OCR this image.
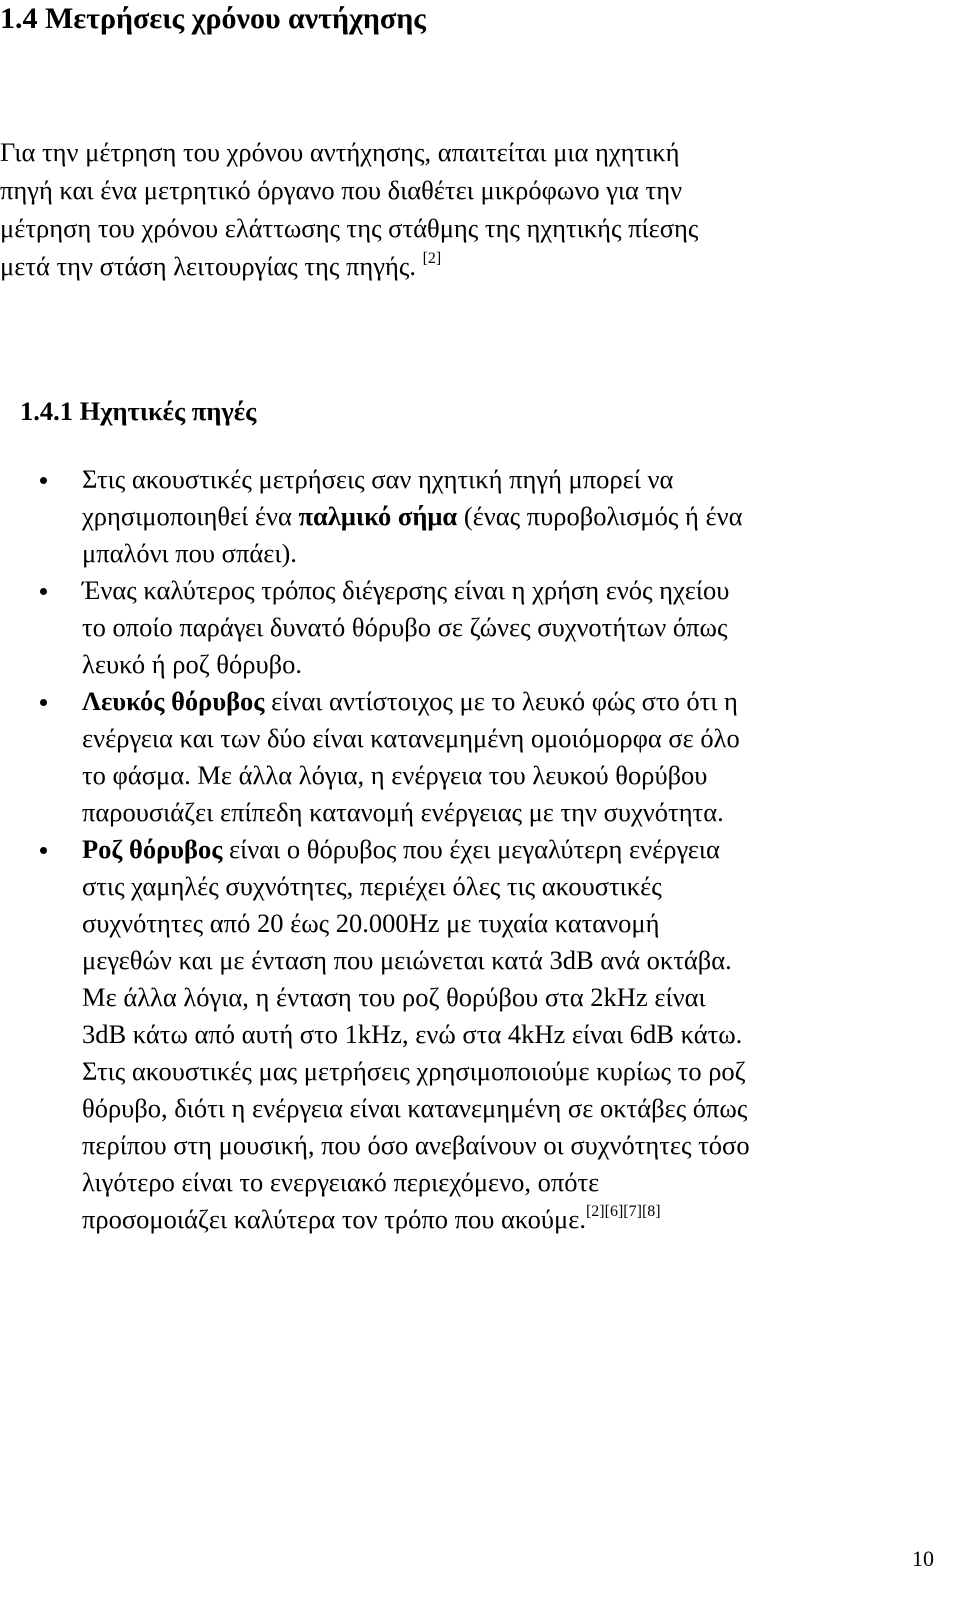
1.4 Μετρήσεις χρόνου αντήχησης

Για την μέτρηση του χρόνου αντήχησης, απαιτείται μια ηχητική
πηγή και ένα μετρητικό όργανο που διαθέτει μικρόφωνο για την
μέτρηση του χρόνου ελάττωσης της στάθμης της ηχητικής πίεσης
μετά την στάση λειτουργίας της πηγής. [2]

1.4.1 Ηχητικές πηγές
Στις ακουστικές μετρήσεις σαν ηχητική πηγή μπορεί να
χρησιμοποιηθεί ένα παλμικό σήμα (ένας πυροβολισμός ή ένα
μπαλόνι που σπάει).
Ένας καλύτερος τρόπος διέγερσης είναι η χρήση ενός ηχείου
το οποίο παράγει δυνατό θόρυβο σε ζώνες συχνοτήτων όπως
λευκό ή ροζ θόρυβο.
Λευκός θόρυβος είναι αντίστοιχος με το λευκό φώς στο ότι η
ενέργεια και των δύο είναι κατανεμημένη ομοιόμορφα σε όλο
το φάσμα. Με άλλα λόγια, η ενέργεια του λευκού θορύβου
παρουσιάζει επίπεδη κατανομή ενέργειας με την συχνότητα.
Ροζ θόρυβος είναι ο θόρυβος που έχει μεγαλύτερη ενέργεια
στις χαμηλές συχνότητες, περιέχει όλες τις ακουστικές
συχνότητες από 20 έως 20.000Hz με τυχαία κατανομή
μεγεθών και με ένταση που μειώνεται κατά 3dB ανά οκτάβα.
Με άλλα λόγια, η ένταση του ροζ θορύβου στα 2kHz είναι
3dB κάτω από αυτή στο 1kHz, ενώ στα 4kHz είναι 6dB κάτω.
Στις ακουστικές μας μετρήσεις χρησιμοποιούμε κυρίως το ροζ
θόρυβο, διότι η ενέργεια είναι κατανεμημένη σε οκτάβες όπως
περίπου στη μουσική, που όσο ανεβαίνουν οι συχνότητες τόσο
λιγότερο είναι το ενεργειακό περιεχόμενο, οπότε
προσομοιάζει καλύτερα τον τρόπο που ακούμε.[2][6][7][8]
10
